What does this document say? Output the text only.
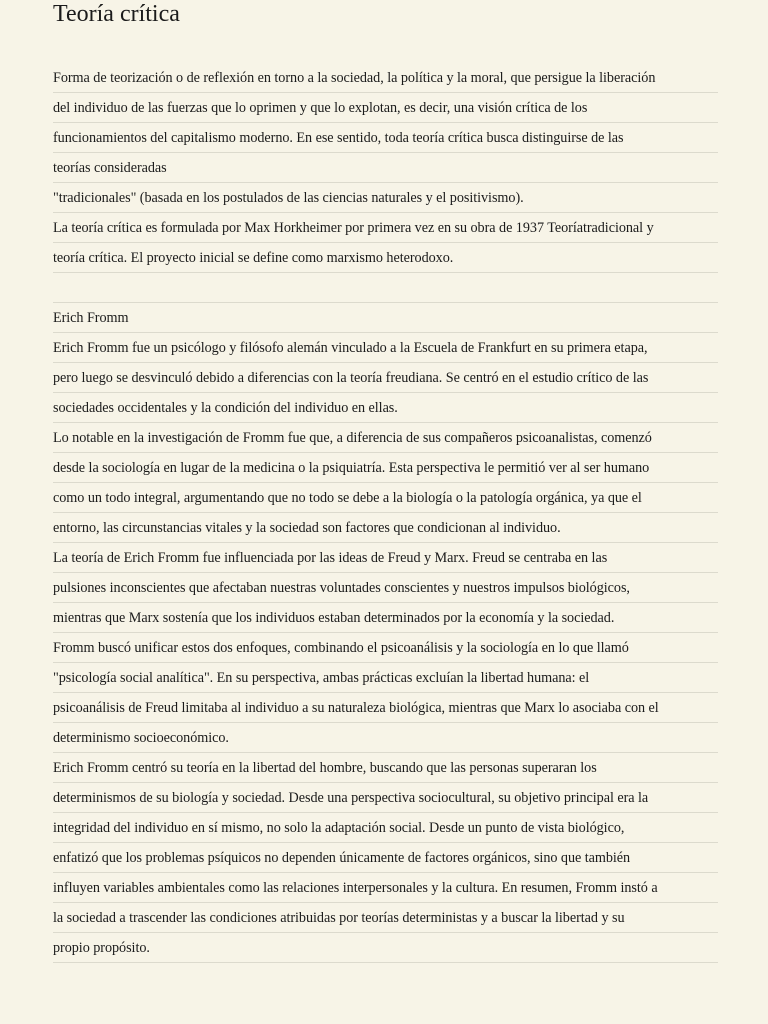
Teoría crítica
Forma de teorización o de reflexión en torno a la sociedad, la política y la moral, que persigue la liberación
del individuo de las fuerzas que lo oprimen y que lo explotan, es decir, una visión crítica de los
funcionamientos del capitalismo moderno. En ese sentido, toda teoría crítica busca distinguirse de las
teorías consideradas
"tradicionales" (basada en los postulados de las ciencias naturales y el positivismo).
La teoría crítica es formulada por Max Horkheimer por primera vez en su obra de 1937 Teoríatradicional y
teoría crítica. El proyecto inicial se define como marxismo heterodoxo.
Erich Fromm
Erich Fromm fue un psicólogo y filósofo alemán vinculado a la Escuela de Frankfurt en su primera etapa,
pero luego se desvinculó debido a diferencias con la teoría freudiana. Se centró en el estudio crítico de las
sociedades occidentales y la condición del individuo en ellas.
Lo notable en la investigación de Fromm fue que, a diferencia de sus compañeros psicoanalistas, comenzó
desde la sociología en lugar de la medicina o la psiquiatría. Esta perspectiva le permitió ver al ser humano
como un todo integral, argumentando que no todo se debe a la biología o la patología orgánica, ya que el
entorno, las circunstancias vitales y la sociedad son factores que condicionan al individuo.
La teoría de Erich Fromm fue influenciada por las ideas de Freud y Marx. Freud se centraba en las
pulsiones inconscientes que afectaban nuestras voluntades conscientes y nuestros impulsos biológicos,
mientras que Marx sostenía que los individuos estaban determinados por la economía y la sociedad.
Fromm buscó unificar estos dos enfoques, combinando el psicoanálisis y la sociología en lo que llamó
"psicología social analítica". En su perspectiva, ambas prácticas excluían la libertad humana: el
psicoanálisis de Freud limitaba al individuo a su naturaleza biológica, mientras que Marx lo asociaba con el
determinismo socioeconómico.
Erich Fromm centró su teoría en la libertad del hombre, buscando que las personas superaran los
determinismos de su biología y sociedad. Desde una perspectiva sociocultural, su objetivo principal era la
integridad del individuo en sí mismo, no solo la adaptación social. Desde un punto de vista biológico,
enfatizó que los problemas psíquicos no dependen únicamente de factores orgánicos, sino que también
influyen variables ambientales como las relaciones interpersonales y la cultura. En resumen, Fromm instó a
la sociedad a trascender las condiciones atribuidas por teorías deterministas y a buscar la libertad y su
propio propósito.
